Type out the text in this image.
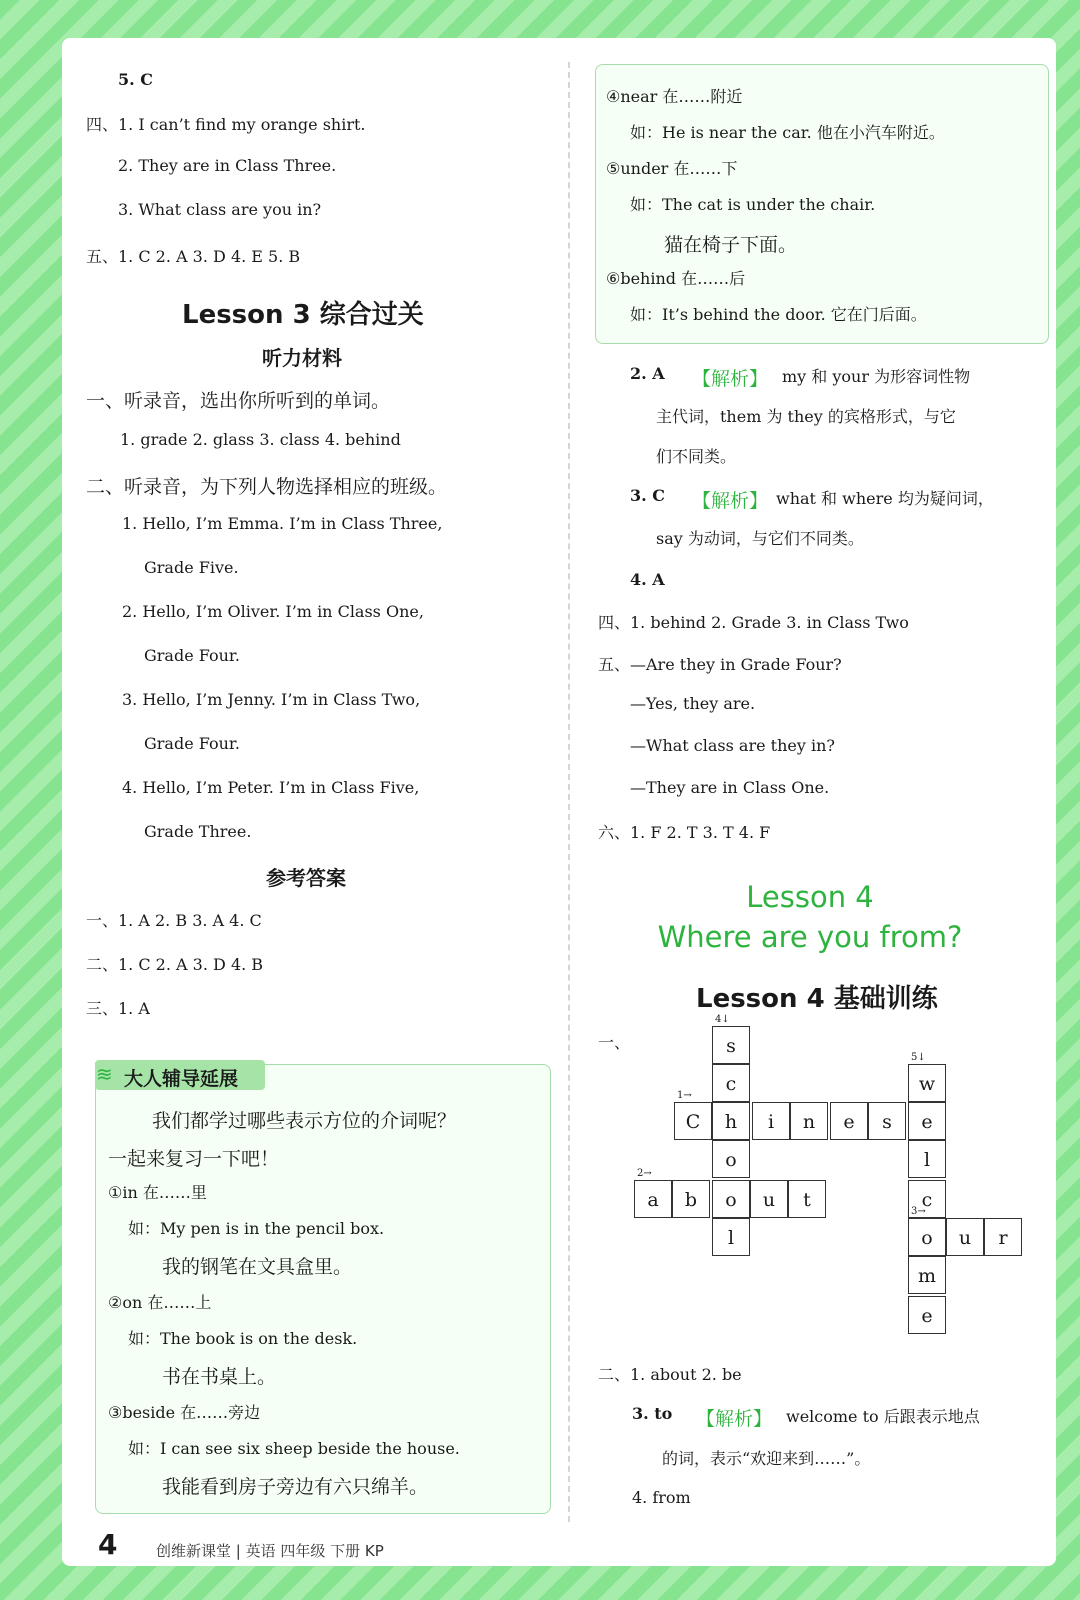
5. C
四、1. I can’t find my orange shirt.
2. They are in Class Three.
3. What class are you in?
五、1. C 2. A 3. D 4. E 5. B
Lesson 3 综合过关
听力材料
一、听录音，选出你所听到的单词。
1. grade 2. glass 3. class 4. behind
二、听录音，为下列人物选择相应的班级。
1. Hello, I’m Emma. I’m in Class Three,
Grade Five.
2. Hello, I’m Oliver. I’m in Class One,
Grade Four.
3. Hello, I’m Jenny. I’m in Class Two,
Grade Four.
4. Hello, I’m Peter. I’m in Class Five,
Grade Three.
参考答案
一、1. A 2. B 3. A 4. C
二、1. C 2. A 3. D 4. B
三、1. A
≋ 大人辅导延展
我们都学过哪些表示方位的介词呢？
一起来复习一下吧！
①in 在……里
如：My pen is in the pencil box.
我的钢笔在文具盒里。
②on 在……上
如：The book is on the desk.
书在书桌上。
③beside 在……旁边
如：I can see six sheep beside the house.
我能看到房子旁边有六只绵羊。
④near 在……附近
如：He is near the car. 他在小汽车附近。
⑤under 在……下
如：The cat is under the chair.
猫在椅子下面。
⑥behind 在……后
如：It’s behind the door. 它在门后面。
2. A 【解析】 my 和 your 为形容词性物
主代词，them 为 they 的宾格形式，与它
们不同类。
3. C 【解析】 what 和 where 均为疑问词，
say 为动词，与它们不同类。
4. A
四、1. behind 2. Grade 3. in Class Two
五、—Are they in Grade Four?
—Yes, they are.
—What class are they in?
—They are in Class One.
六、1. F 2. T 3. T 4. F
Lesson 4
Where are you from?
Lesson 4 基础训练
一、
4↓
s
c
h
o
o
l
1→
C	i	n	e	s	e
5↓
w
l
c
3→
o
m
e
2→
a	b	u	t
u	r
二、1. about 2. be
3. to 【解析】 welcome to 后跟表示地点
的词，表示“欢迎来到……”。
4. from
4	创维新课堂 | 英语 四年级 下册 KP
